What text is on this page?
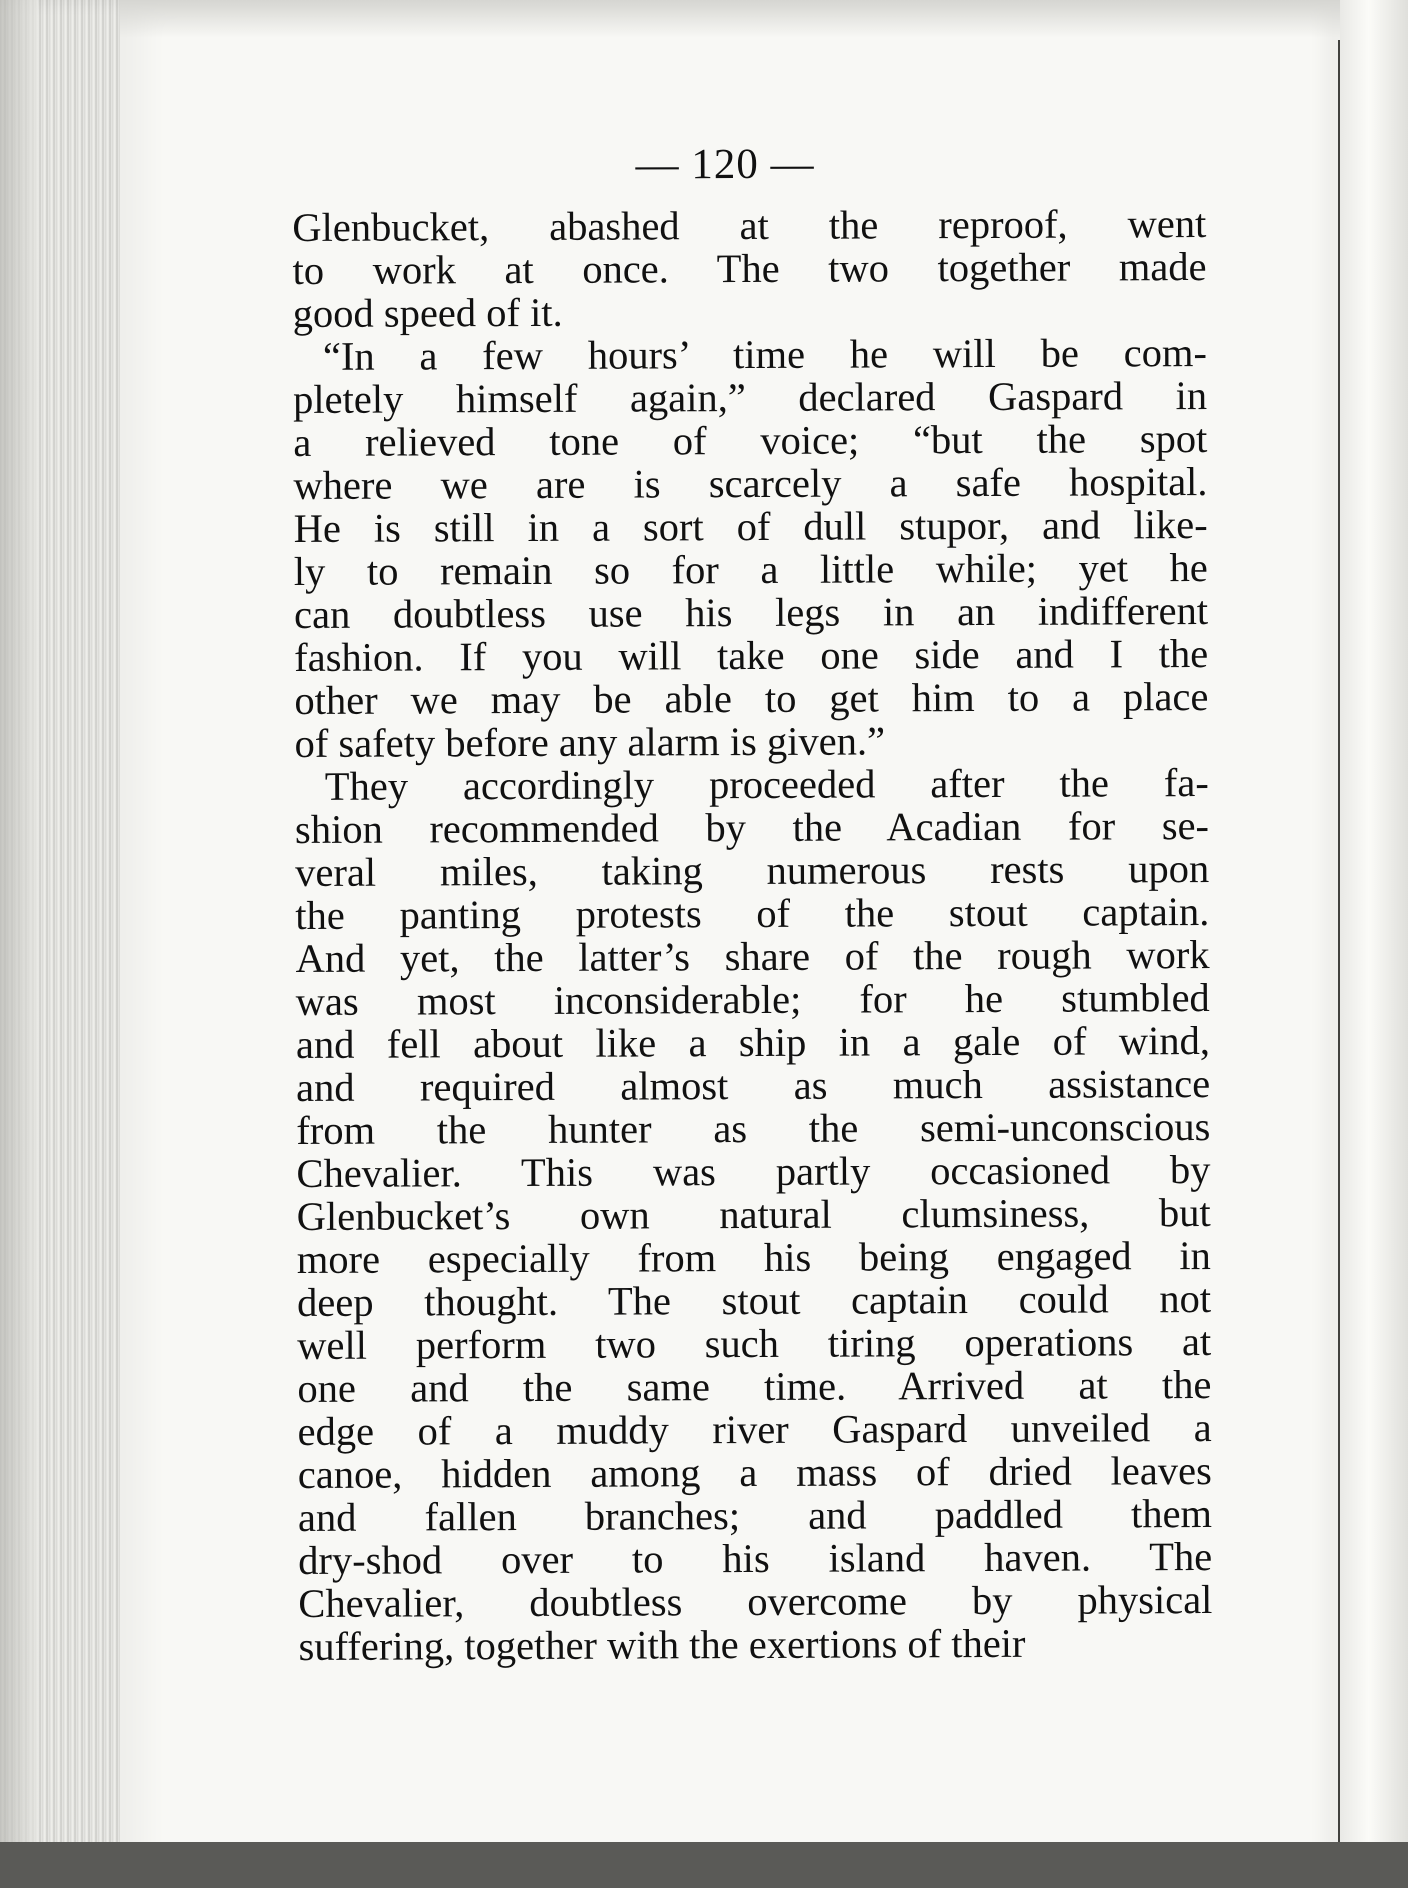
— 120 —
Glenbucket, abashed at the reproof, went
to work at once. The two together made
good speed of it.
“In a few hours’ time he will be com-
pletely himself again,” declared Gaspard in
a relieved tone of voice; “but the spot
where we are is scarcely a safe hospital.
He is still in a sort of dull stupor, and like-
ly to remain so for a little while; yet he
can doubtless use his legs in an indifferent
fashion. If you will take one side and I the
other we may be able to get him to a place
of safety before any alarm is given.”
They accordingly proceeded after the fa-
shion recommended by the Acadian for se-
veral miles, taking numerous rests upon
the panting protests of the stout captain.
And yet, the latter’s share of the rough work
was most inconsiderable; for he stumbled
and fell about like a ship in a gale of wind,
and required almost as much assistance
from the hunter as the semi-unconscious
Chevalier. This was partly occasioned by
Glenbucket’s own natural clumsiness, but
more especially from his being engaged in
deep thought. The stout captain could not
well perform two such tiring operations at
one and the same time. Arrived at the
edge of a muddy river Gaspard unveiled a
canoe, hidden among a mass of dried leaves
and fallen branches; and paddled them
dry-shod over to his island haven. The
Chevalier, doubtless overcome by physical
suffering, together with the exertions of their
